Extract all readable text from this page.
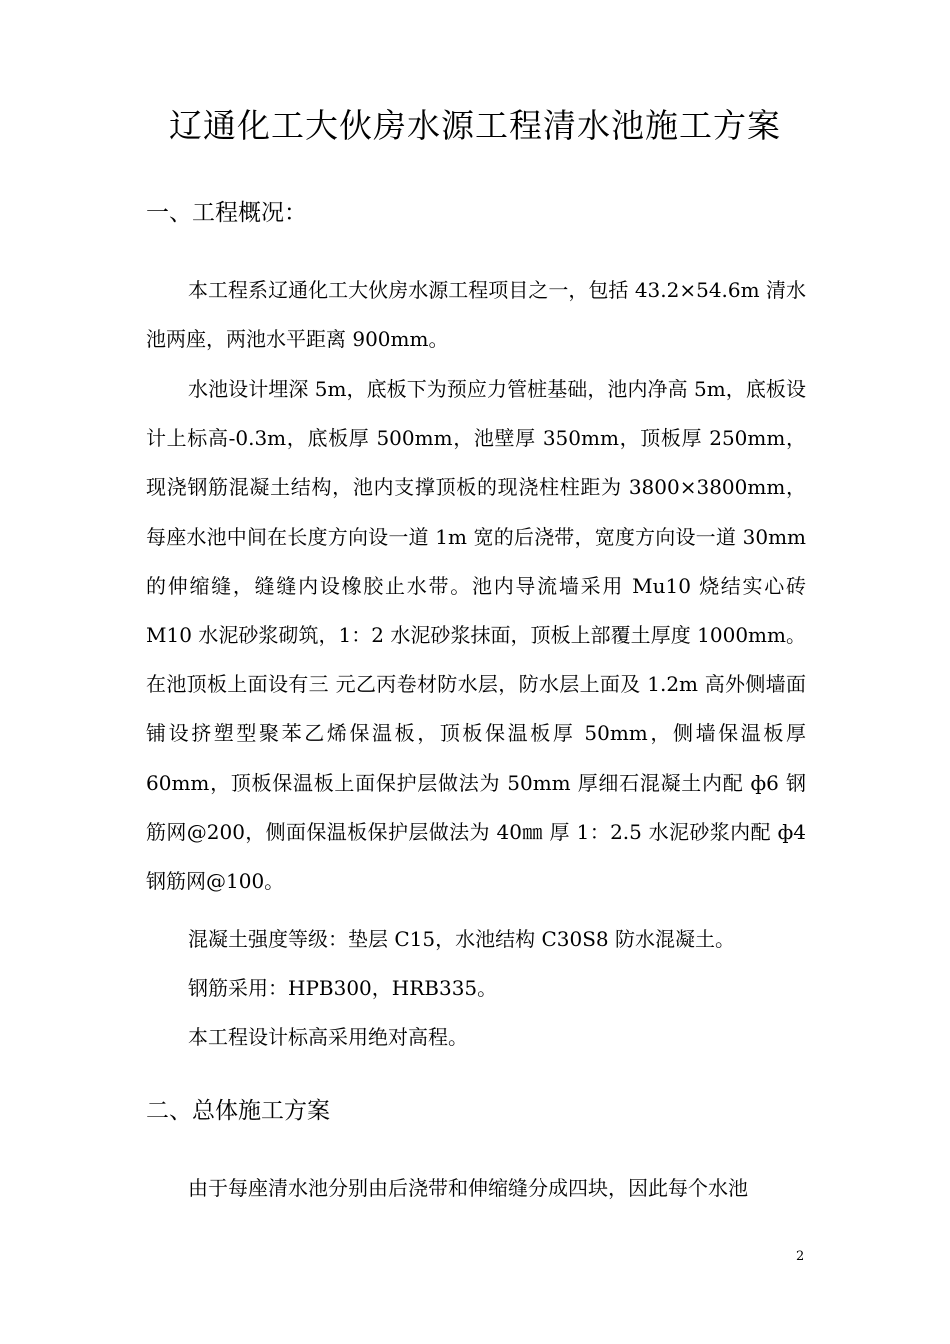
辽通化工大伙房水源工程清水池施工方案
一、工程概况：

本工程系辽通化工大伙房水源工程项目之一，包括 43.2×54.6m 清水池两座，两池水平距离 900mm。

水池设计埋深 5m，底板下为预应力管桩基础，池内净高 5m，底板设计上标高-0.3m，底板厚 500mm，池壁厚 350mm，顶板厚 250mm，现浇钢筋混凝土结构，池内支撑顶板的现浇柱柱距为 3800×3800mm，每座水池中间在长度方向设一道 1m 宽的后浇带，宽度方向设一道 30mm 的伸缩缝，缝缝内设橡胶止水带。池内导流墙采用 Mu10 烧结实心砖 M10 水泥砂浆砌筑，1：2 水泥砂浆抹面，顶板上部覆土厚度 1000mm。在池顶板上面设有三 元乙丙卷材防水层，防水层上面及 1.2m 高外侧墙面铺设挤塑型聚苯乙烯保温板，顶板保温板厚 50mm，侧墙保温板厚 60mm，顶板保温板上面保护层做法为 50mm 厚细石混凝土内配 ф6 钢筋网@200，侧面保温板保护层做法为 40㎜ 厚 1：2.5 水泥砂浆内配 ф4 钢筋网@100。

混凝土强度等级：垫层 C15，水池结构 C30S8 防水混凝土。

钢筋采用：HPB300，HRB335。

本工程设计标高采用绝对高程。

二、总体施工方案

由于每座清水池分别由后浇带和伸缩缝分成四块，因此每个水池

2
